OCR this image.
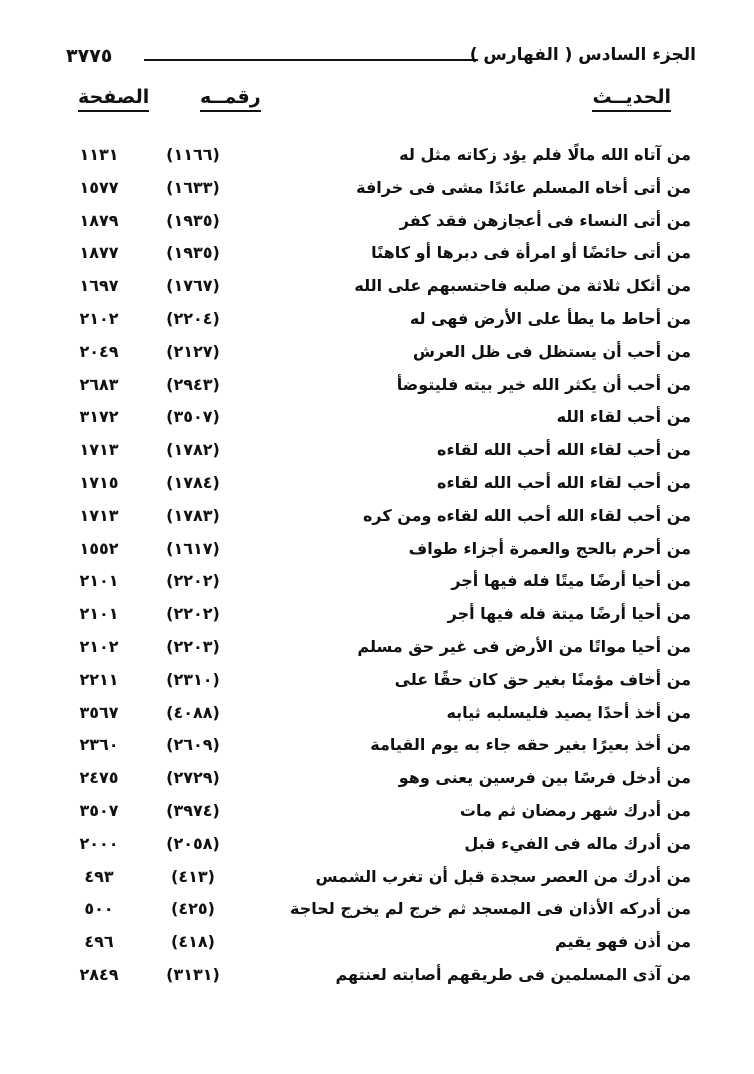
٣٧٧٥	الجزء السادس ( الفهارس )
الحديــث
رقمــه
الصفحة
من آتاه الله مالًا فلم يؤد زكاته مثل له
(١١٦٦)
١١٣١
من أتى أخاه المسلم عائدًا مشى فى خرافة
(١٦٣٣)
١٥٧٧
من أتى النساء فى أعجازهن فقد كفر
(١٩٣٥)
١٨٧٩
من أتى حائضًا أو امرأة فى دبرها أو كاهنًا
(١٩٣٥)
١٨٧٧
من أثكل ثلاثة من صلبه فاحتسبهم على الله
(١٧٦٧)
١٦٩٧
من أحاط ما يطأ على الأرض فهى له
(٢٢٠٤)
٢١٠٢
من أحب أن يستظل فى ظل العرش
(٢١٢٧)
٢٠٤٩
من أحب أن يكثر الله خير بيته فليتوضأ
(٢٩٤٣)
٢٦٨٣
من أحب لقاء الله
(٣٥٠٧)
٣١٧٢
من أحب لقاء الله أحب الله لقاءه
(١٧٨٢)
١٧١٣
من أحب لقاء الله أحب الله لقاءه
(١٧٨٤)
١٧١٥
من أحب لقاء الله أحب الله لقاءه ومن كره
(١٧٨٣)
١٧١٣
من أحرم بالحج والعمرة أجزاء طواف
(١٦١٧)
١٥٥٢
من أحيا أرضًا ميتًا فله فيها أجر
(٢٢٠٢)
٢١٠١
من أحيا أرضًا ميتة فله فيها أجر
(٢٢٠٢)
٢١٠١
من أحيا مواتًا من الأرض فى غير حق مسلم
(٢٢٠٣)
٢١٠٢
من أخاف مؤمنًا بغير حق كان حقًا على
(٢٣١٠)
٢٢١١
من أخذ أحدًا يصيد فليسلبه ثيابه
(٤٠٨٨)
٣٥٦٧
من أخذ بعيرًا بغير حقه جاء به يوم القيامة
(٢٦٠٩)
٢٣٦٠
من أدخل فرسًا بين فرسين يعنى وهو
(٢٧٢٩)
٢٤٧٥
من أدرك شهر رمضان ثم مات
(٣٩٧٤)
٣٥٠٧
من أدرك ماله فى الفيء قبل
(٢٠٥٨)
٢٠٠٠
من أدرك من العصر سجدة قبل أن تغرب الشمس
(٤١٣)
٤٩٣
من أدركه الأذان فى المسجد ثم خرج لم يخرج لحاجة
(٤٢٥)
٥٠٠
من أذن فهو يقيم
(٤١٨)
٤٩٦
من آذى المسلمين فى طريقهم أصابته لعنتهم
(٣١٣١)
٢٨٤٩
